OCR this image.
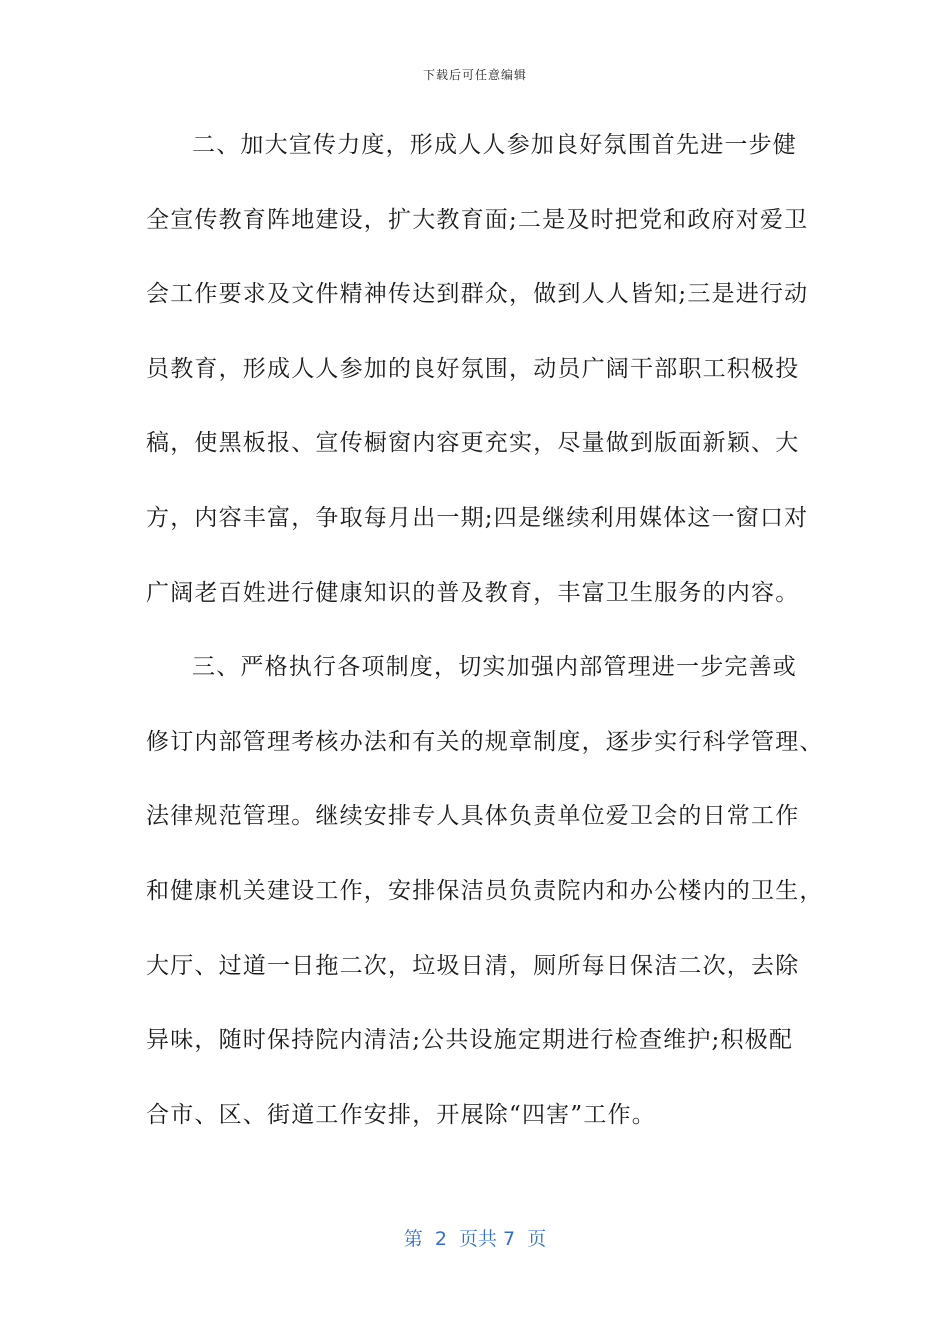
下载后可任意编辑
二、加大宣传力度，形成人人参加良好氛围首先进一步健
全宣传教育阵地建设，扩大教育面;二是及时把党和政府对爱卫
会工作要求及文件精神传达到群众，做到人人皆知;三是进行动
员教育，形成人人参加的良好氛围，动员广阔干部职工积极投
稿，使黑板报、宣传橱窗内容更充实，尽量做到版面新颖、大
方，内容丰富，争取每月出一期;四是继续利用媒体这一窗口对
广阔老百姓进行健康知识的普及教育，丰富卫生服务的内容。
三、严格执行各项制度，切实加强内部管理进一步完善或
修订内部管理考核办法和有关的规章制度，逐步实行科学管理、
法律规范管理。继续安排专人具体负责单位爱卫会的日常工作
和健康机关建设工作，安排保洁员负责院内和办公楼内的卫生，
大厅、过道一日拖二次，垃圾日清，厕所每日保洁二次，去除
异味，随时保持院内清洁;公共设施定期进行检查维护;积极配
合市、区、街道工作安排，开展除“四害”工作。
第  2  页共 7  页
